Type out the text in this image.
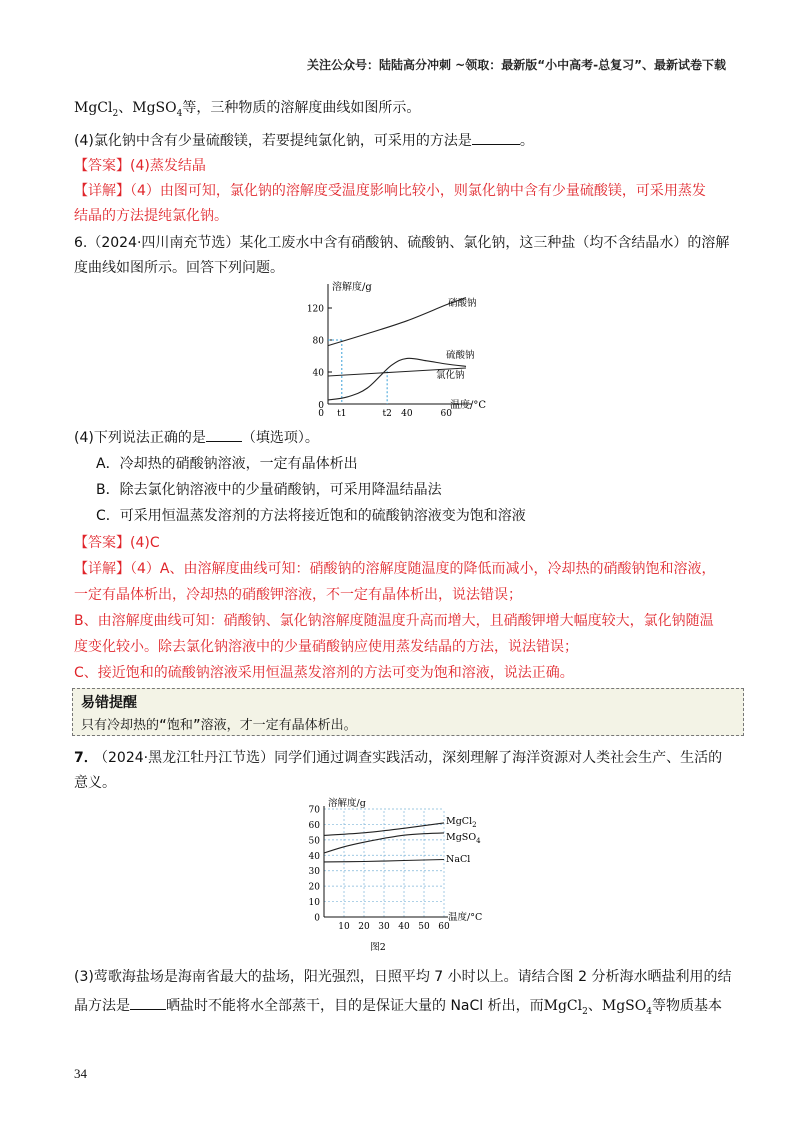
关注公众号：陆陆高分冲刺 ~领取：最新版“小中高考-总复习”、最新试卷下载
MgCl$_2$、MgSO$_4$等，三种物质的溶解度曲线如图所示。
(4)氯化钠中含有少量硫酸镁，若要提纯氯化钠，可采用的方法是	。
【答案】(4)蒸发结晶
【详解】（4）由图可知，氯化钠的溶解度受温度影响比较小，则氯化钠中含有少量硫酸镁，可采用蒸发
结晶的方法提纯氯化钠。
6.（2024·四川南充节选）某化工废水中含有硝酸钠、硫酸钠、氯化钠，这三种盐（均不含结晶水）的溶解
度曲线如图所示。回答下列问题。
溶解度/g
温度/°C
0
40
80
120
t1	t2 40	60
0
硝酸钠
硫酸钠
氯化钠
(4)下列说法正确的是	（填选项）。
A．冷却热的硝酸钠溶液，一定有晶体析出
B．除去氯化钠溶液中的少量硝酸钠，可采用降温结晶法
C．可采用恒温蒸发溶剂的方法将接近饱和的硫酸钠溶液变为饱和溶液
【答案】(4)C
【详解】（4）A、由溶解度曲线可知：硝酸钠的溶解度随温度的降低而减小，冷却热的硝酸钠饱和溶液，
一定有晶体析出，冷却热的硝酸钾溶液，不一定有晶体析出，说法错误；
B、由溶解度曲线可知：硝酸钠、氯化钠溶解度随温度升高而增大，且硝酸钾增大幅度较大，氯化钠随温
度变化较小。除去氯化钠溶液中的少量硝酸钠应使用蒸发结晶的方法，说法错误；
C、接近饱和的硫酸钠溶液采用恒温蒸发溶剂的方法可变为饱和溶液，说法正确。
易错提醒
只有冷却热的“饱和”溶液，才一定有晶体析出。
7．
（2024·黑龙江牡丹江节选）同学们通过调查实践活动，深刻理解了海洋资源对人类社会生产、生活的
意义。
溶解度/g
温度/°C
0
10
20
30
40
50
60
70
10 20 30 40 50 60
MgCl$_2$
MgSO$_4$
NaCl
图2
(3)莺歌海盐场是海南省最大的盐场，阳光强烈，日照平均 7 小时以上。请结合图 2 分析海水晒盐利用的结
晶方法是	晒盐时不能将水全部蒸干，目的是保证大量的 NaCl 析出，而MgCl$_2$、MgSO$_4$等物质基本
34
